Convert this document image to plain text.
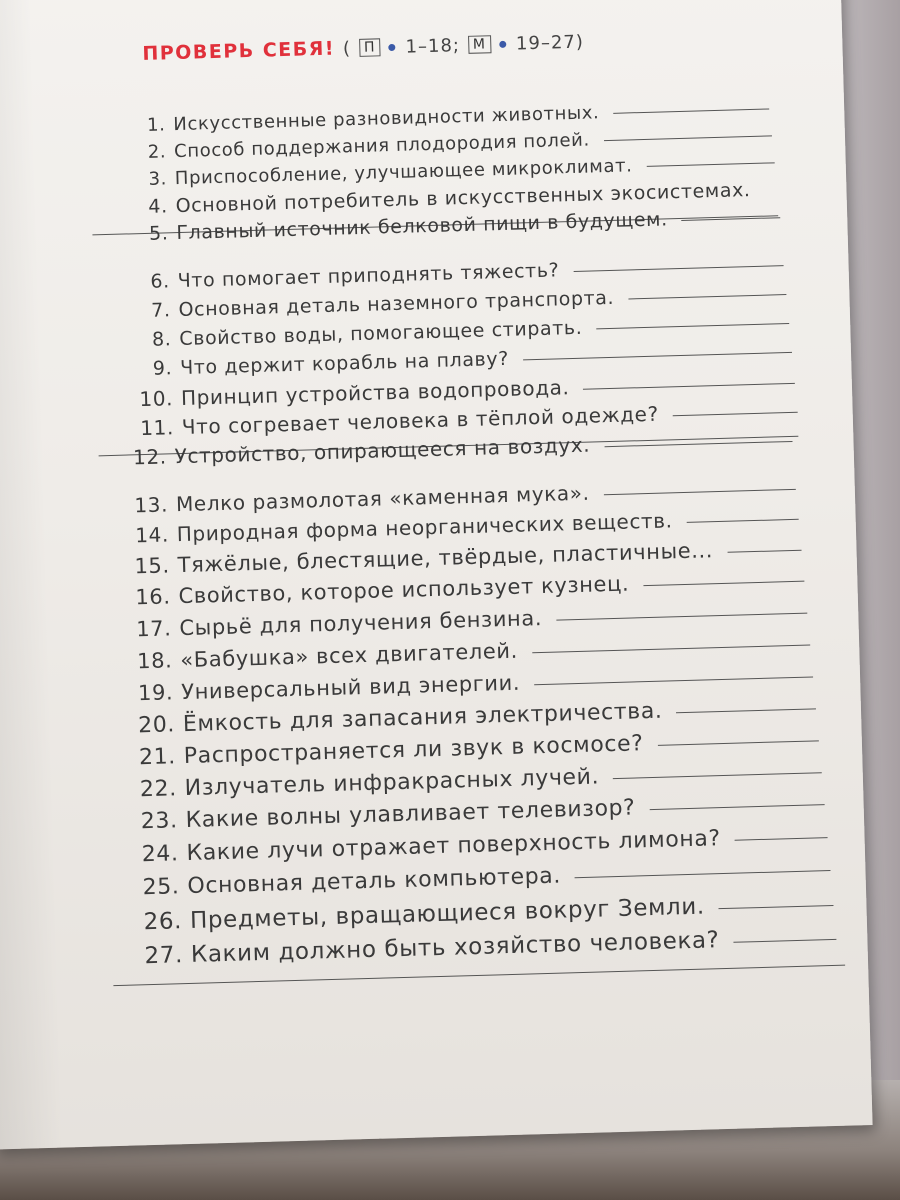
ПРОВЕРЬ СЕБЯ! ( П 1–18; М 19–27)
1. Искусственные разновидности животных.
2. Способ поддержания плодородия полей.
3. Приспособление, улучшающее микроклимат.
4. Основной потребитель в искусственных экосистемах.
5. Главный источник белковой пищи в будущем.
6. Что помогает приподнять тяжесть?
7. Основная деталь наземного транспорта.
8. Свойство воды, помогающее стирать.
9. Что держит корабль на плаву?
10. Принцип устройства водопровода.
11. Что согревает человека в тёплой одежде?
12. Устройство, опирающееся на воздух.
13. Мелко размолотая «каменная мука».
14. Природная форма неорганических веществ.
15. Тяжёлые, блестящие, твёрдые, пластичные...
16. Свойство, которое использует кузнец.
17. Сырьё для получения бензина.
18. «Бабушка» всех двигателей.
19. Универсальный вид энергии.
20. Ёмкость для запасания электричества.
21. Распространяется ли звук в космосе?
22. Излучатель инфракрасных лучей.
23. Какие волны улавливает телевизор?
24. Какие лучи отражает поверхность лимона?
25. Основная деталь компьютера.
26. Предметы, вращающиеся вокруг Земли.
27. Каким должно быть хозяйство человека?
